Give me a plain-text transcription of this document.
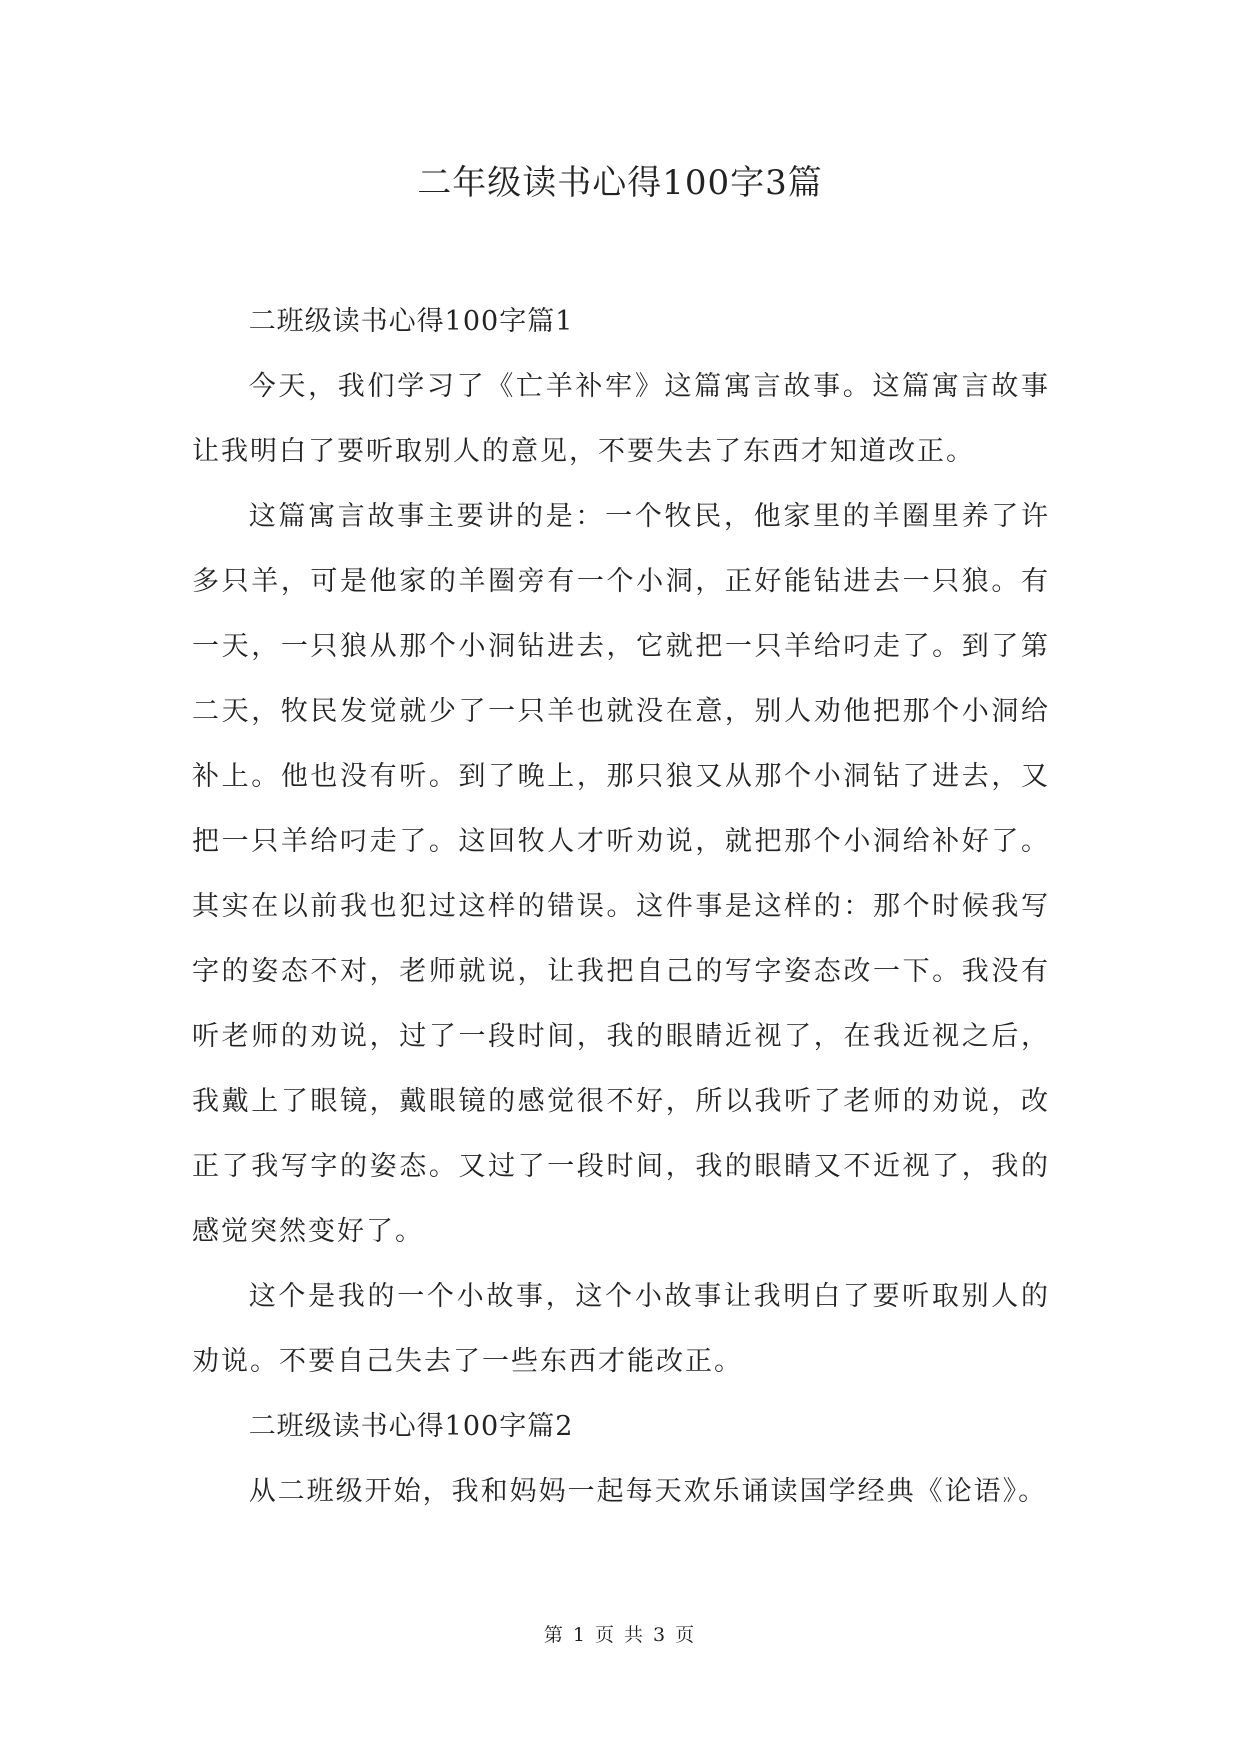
二年级读书心得100字3篇

二班级读书心得100字篇1

今天，我们学习了《亡羊补牢》这篇寓言故事。这篇寓言故事让我明白了要听取别人的意见，不要失去了东西才知道改正。

这篇寓言故事主要讲的是：一个牧民，他家里的羊圈里养了许多只羊，可是他家的羊圈旁有一个小洞，正好能钻进去一只狼。有一天，一只狼从那个小洞钻进去，它就把一只羊给叼走了。到了第二天，牧民发觉就少了一只羊也就没在意，别人劝他把那个小洞给补上。他也没有听。到了晚上，那只狼又从那个小洞钻了进去，又把一只羊给叼走了。这回牧人才听劝说，就把那个小洞给补好了。其实在以前我也犯过这样的错误。这件事是这样的：那个时候我写字的姿态不对，老师就说，让我把自己的写字姿态改一下。我没有听老师的劝说，过了一段时间，我的眼睛近视了，在我近视之后，我戴上了眼镜，戴眼镜的感觉很不好，所以我听了老师的劝说，改正了我写字的姿态。又过了一段时间，我的眼睛又不近视了，我的感觉突然变好了。

这个是我的一个小故事，这个小故事让我明白了要听取别人的劝说。不要自己失去了一些东西才能改正。

二班级读书心得100字篇2

从二班级开始，我和妈妈一起每天欢乐诵读国学经典《论语》。

第 1 页 共 3 页
